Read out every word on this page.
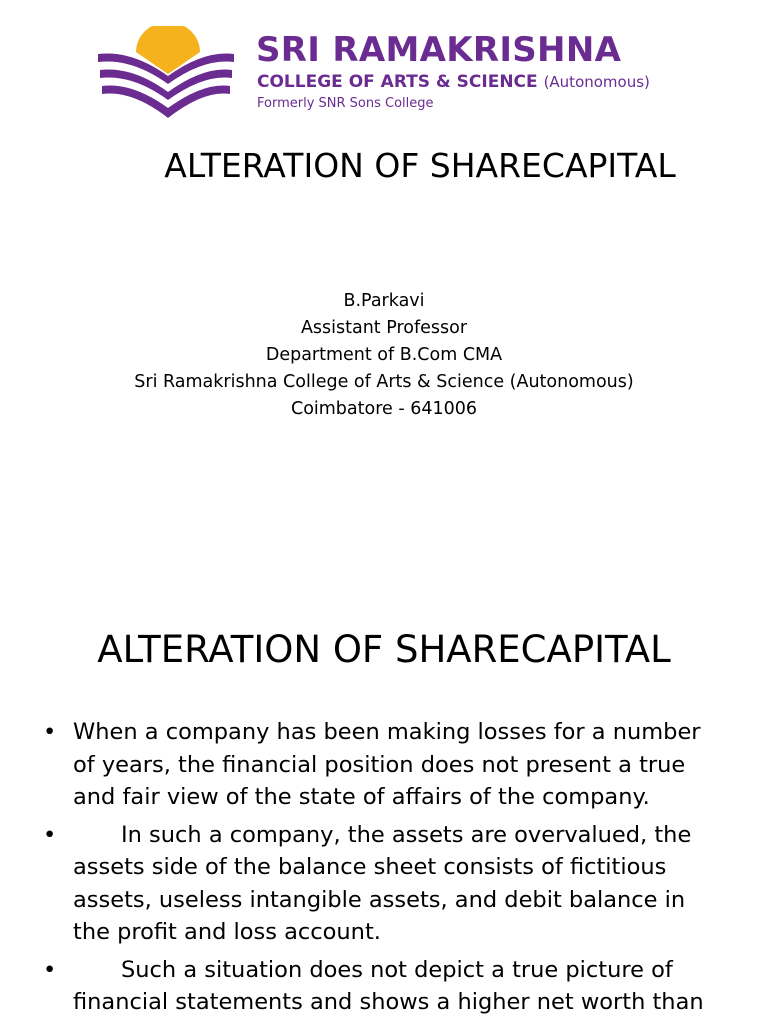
SRI RAMAKRISHNA
COLLEGE OF ARTS & SCIENCE (Autonomous)
Formerly SNR Sons College
ALTERATION OF SHARECAPITAL
B.Parkavi
Assistant Professor
Department of B.Com CMA
Sri Ramakrishna College of Arts & Science (Autonomous)
Coimbatore - 641006
ALTERATION OF SHARECAPITAL
• When a company has been making losses for a number of years, the financial position does not present a true and fair view of the state of affairs of the company.
•	In such a company, the assets are overvalued, the assets side of the balance sheet consists of fictitious assets, useless intangible assets, and debit balance in the profit and loss account.
•	Such a situation does not depict a true picture of financial statements and shows a higher net worth than
